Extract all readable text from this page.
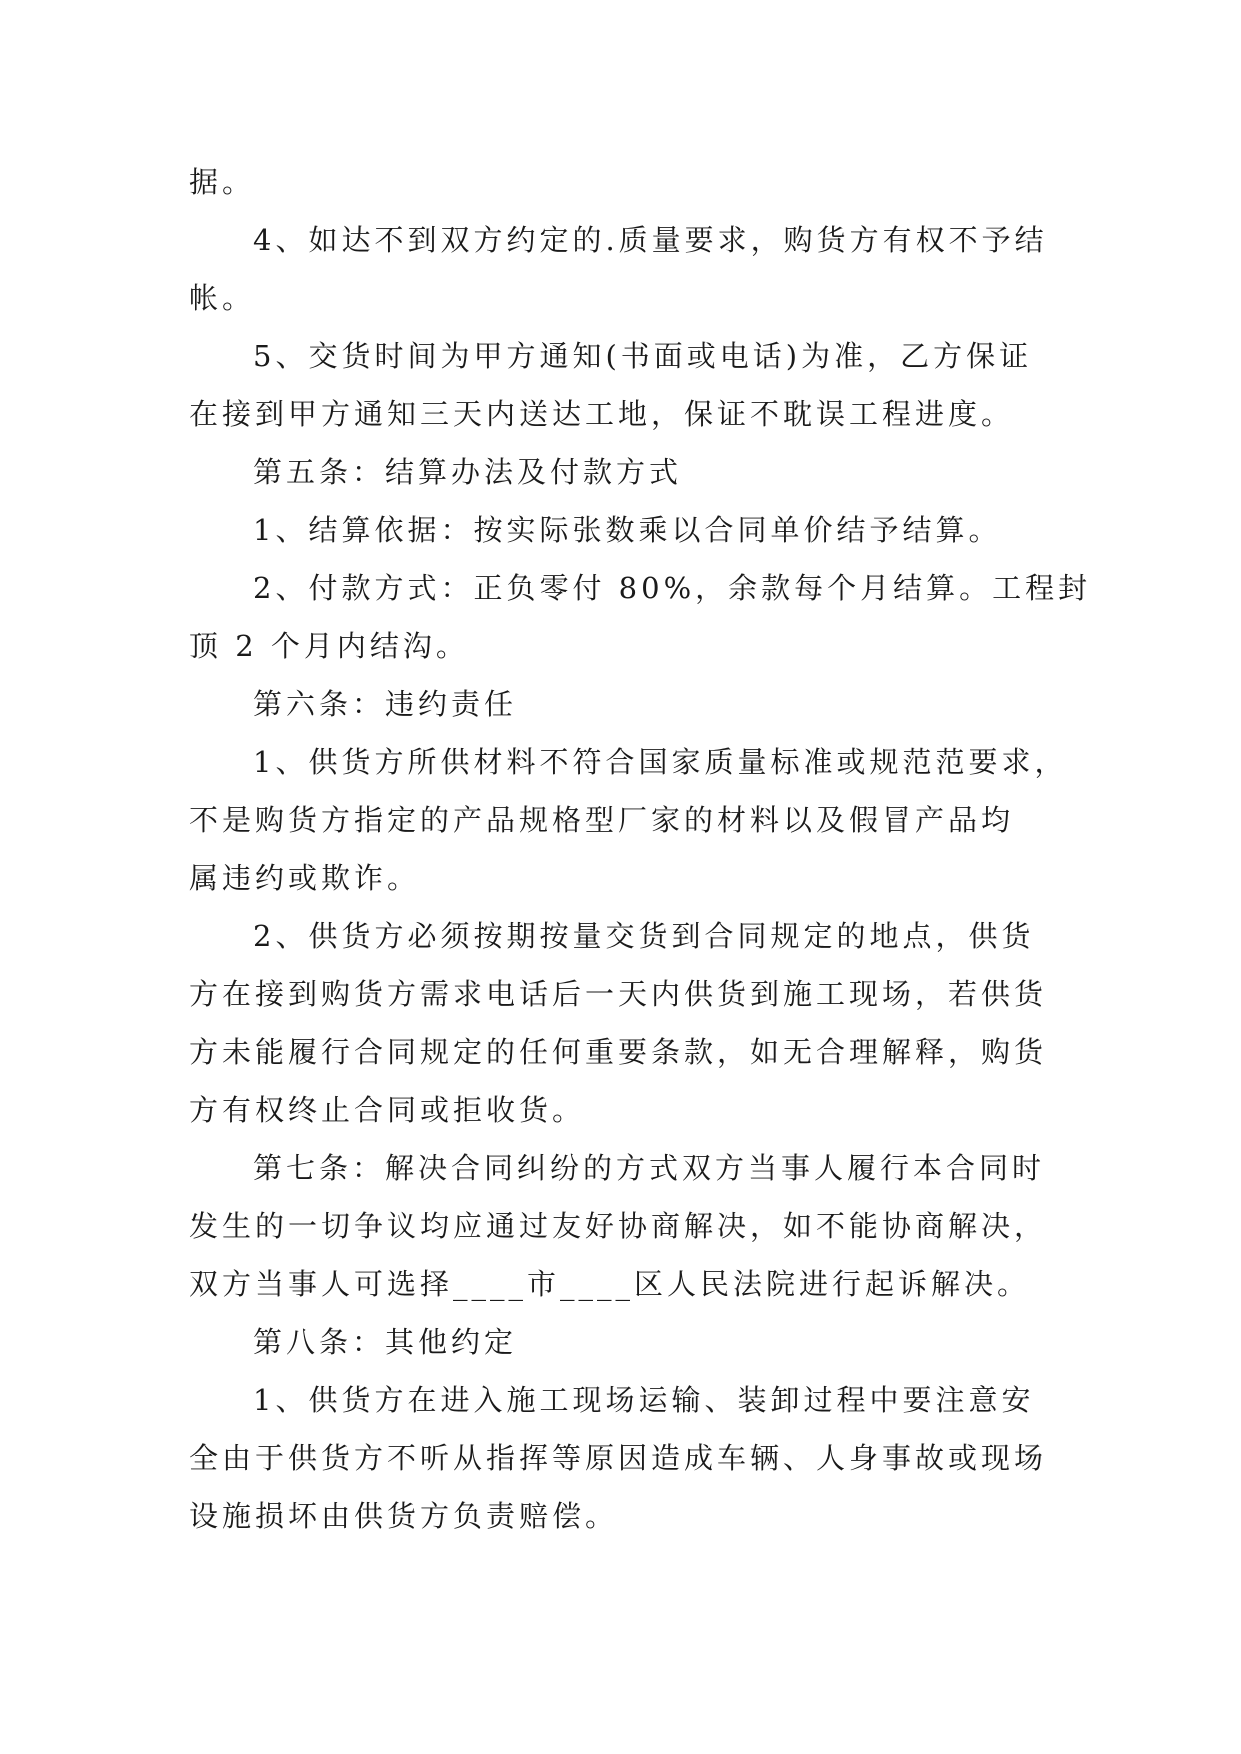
据。
4、如达不到双方约定的.质量要求，购货方有权不予结
帐。
5、交货时间为甲方通知(书面或电话)为准，乙方保证
在接到甲方通知三天内送达工地，保证不耽误工程进度。
第五条：结算办法及付款方式
1、结算依据：按实际张数乘以合同单价结予结算。
2、付款方式：正负零付 80%，余款每个月结算。工程封
顶 2 个月内结沟。
第六条：违约责任
1、供货方所供材料不符合国家质量标准或规范范要求，
不是购货方指定的产品规格型厂家的材料以及假冒产品均
属违约或欺诈。
2、供货方必须按期按量交货到合同规定的地点，供货
方在接到购货方需求电话后一天内供货到施工现场，若供货
方未能履行合同规定的任何重要条款，如无合理解释，购货
方有权终止合同或拒收货。
第七条：解决合同纠纷的方式双方当事人履行本合同时
发生的一切争议均应通过友好协商解决，如不能协商解决，
双方当事人可选择____市____区人民法院进行起诉解决。
第八条：其他约定
1、供货方在进入施工现场运输、装卸过程中要注意安
全由于供货方不听从指挥等原因造成车辆、人身事故或现场
设施损坏由供货方负责赔偿。
